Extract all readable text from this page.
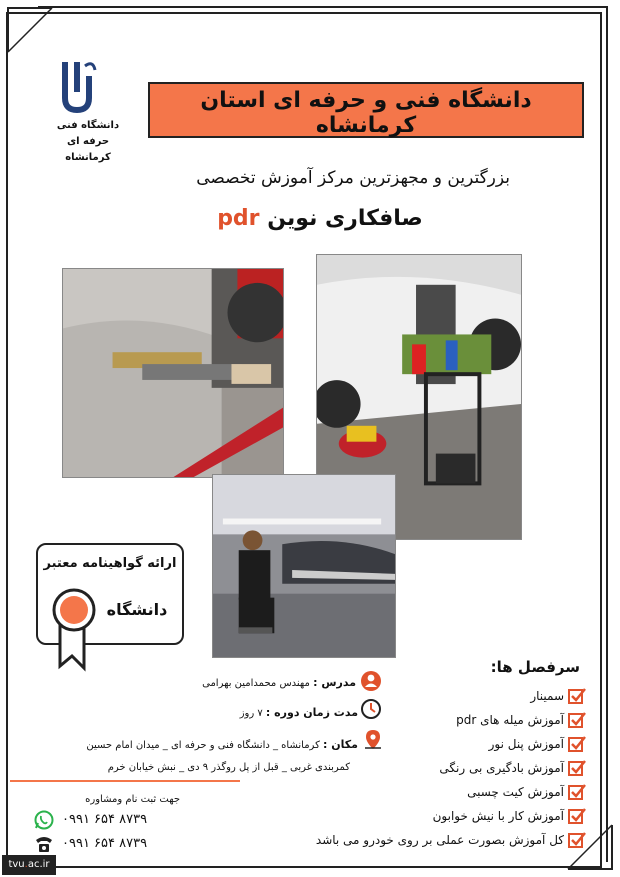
دانشگاه فنی حرفه ای
کرمانشاه
دانشگاه فنی و حرفه ای استان کرمانشاه
بزرگترین و مجهزترین مرکز آموزش تخصصی
صافکاری نوین pdr
ارائه گواهینامه معتبر
دانشگاه
مدرس : مهندس محمدامین بهرامی
مدت زمان دوره : ۷ روز
مکان : کرمانشاه _ دانشگاه فنی و حرفه ای _ میدان امام حسین
کمربندی غربی _ قبل از پل روگذر ۹ دی _ نبش خیابان خرم
جهت ثبت نام ومشاوره
۰۹۹۱ ۶۵۴ ۸۷۳۹
۰۹۹۱ ۶۵۴ ۸۷۳۹
سرفصل ها:
سمینار
آموزش میله های pdr
آموزش پنل نور
آموزش بادگیری بی رنگی
آموزش کیت چسبی
آموزش کار با نیش خوابون
کل آموزش بصورت عملی بر روی خودرو می باشد
tvu.ac.ir
